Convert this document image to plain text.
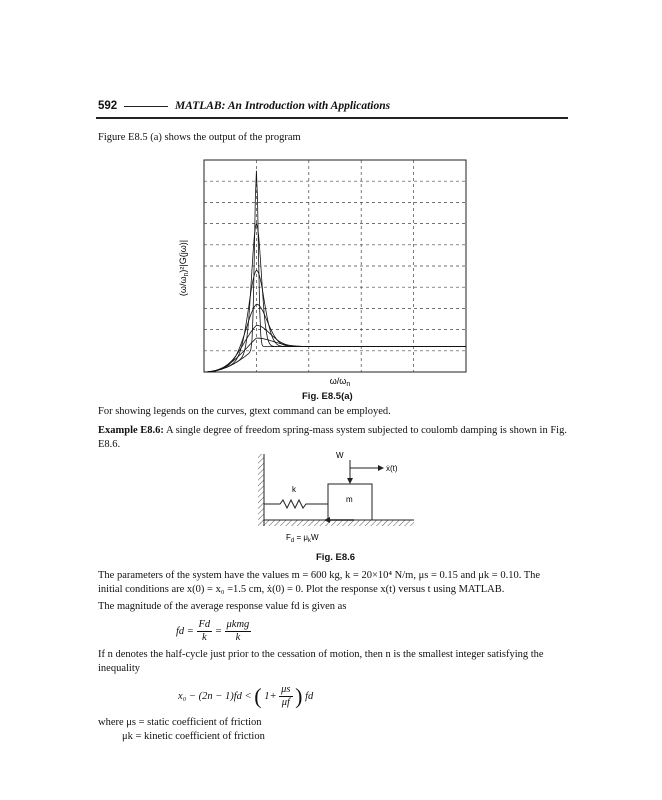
592	MATLAB: An Introduction with Applications
Figure E8.5 (a) shows the output of the program
$(\omega/\omega_n)^2|G(j\omega)|$
$\omega/\omega_n$
Fig. E8.5(a)
For showing legends on the curves, gtext command can be employed.
Example E8.6: A single degree of freedom spring-mass system subjected to coulomb damping is shown in Fig. E8.6.
W
ẋ(t)
k
m
$F_d = \mu_kW$
Fig. E8.6
The parameters of the system have the values m = 600 kg, k = 20×10⁴ N/m, μs = 0.15 and μk = 0.10. The
initial conditions are x(0) = x₀ =1.5 cm, ẋ(0) = 0. Plot the response x(t) versus t using MATLAB.
The magnitude of the average response value fd is given as
fd = $\frac{Fd}{k} = \frac{\text{μkmg}}{k}$
If n denotes the half-cycle just prior to the cessation of motion, then n is the smallest integer satisfying the
inequality
x₀ − (2n − 1)fd < ( $1+ \frac{\mu s}{\mu f}$ ) fd
where μs = static coefficient of friction
μk = kinetic coefficient of friction
